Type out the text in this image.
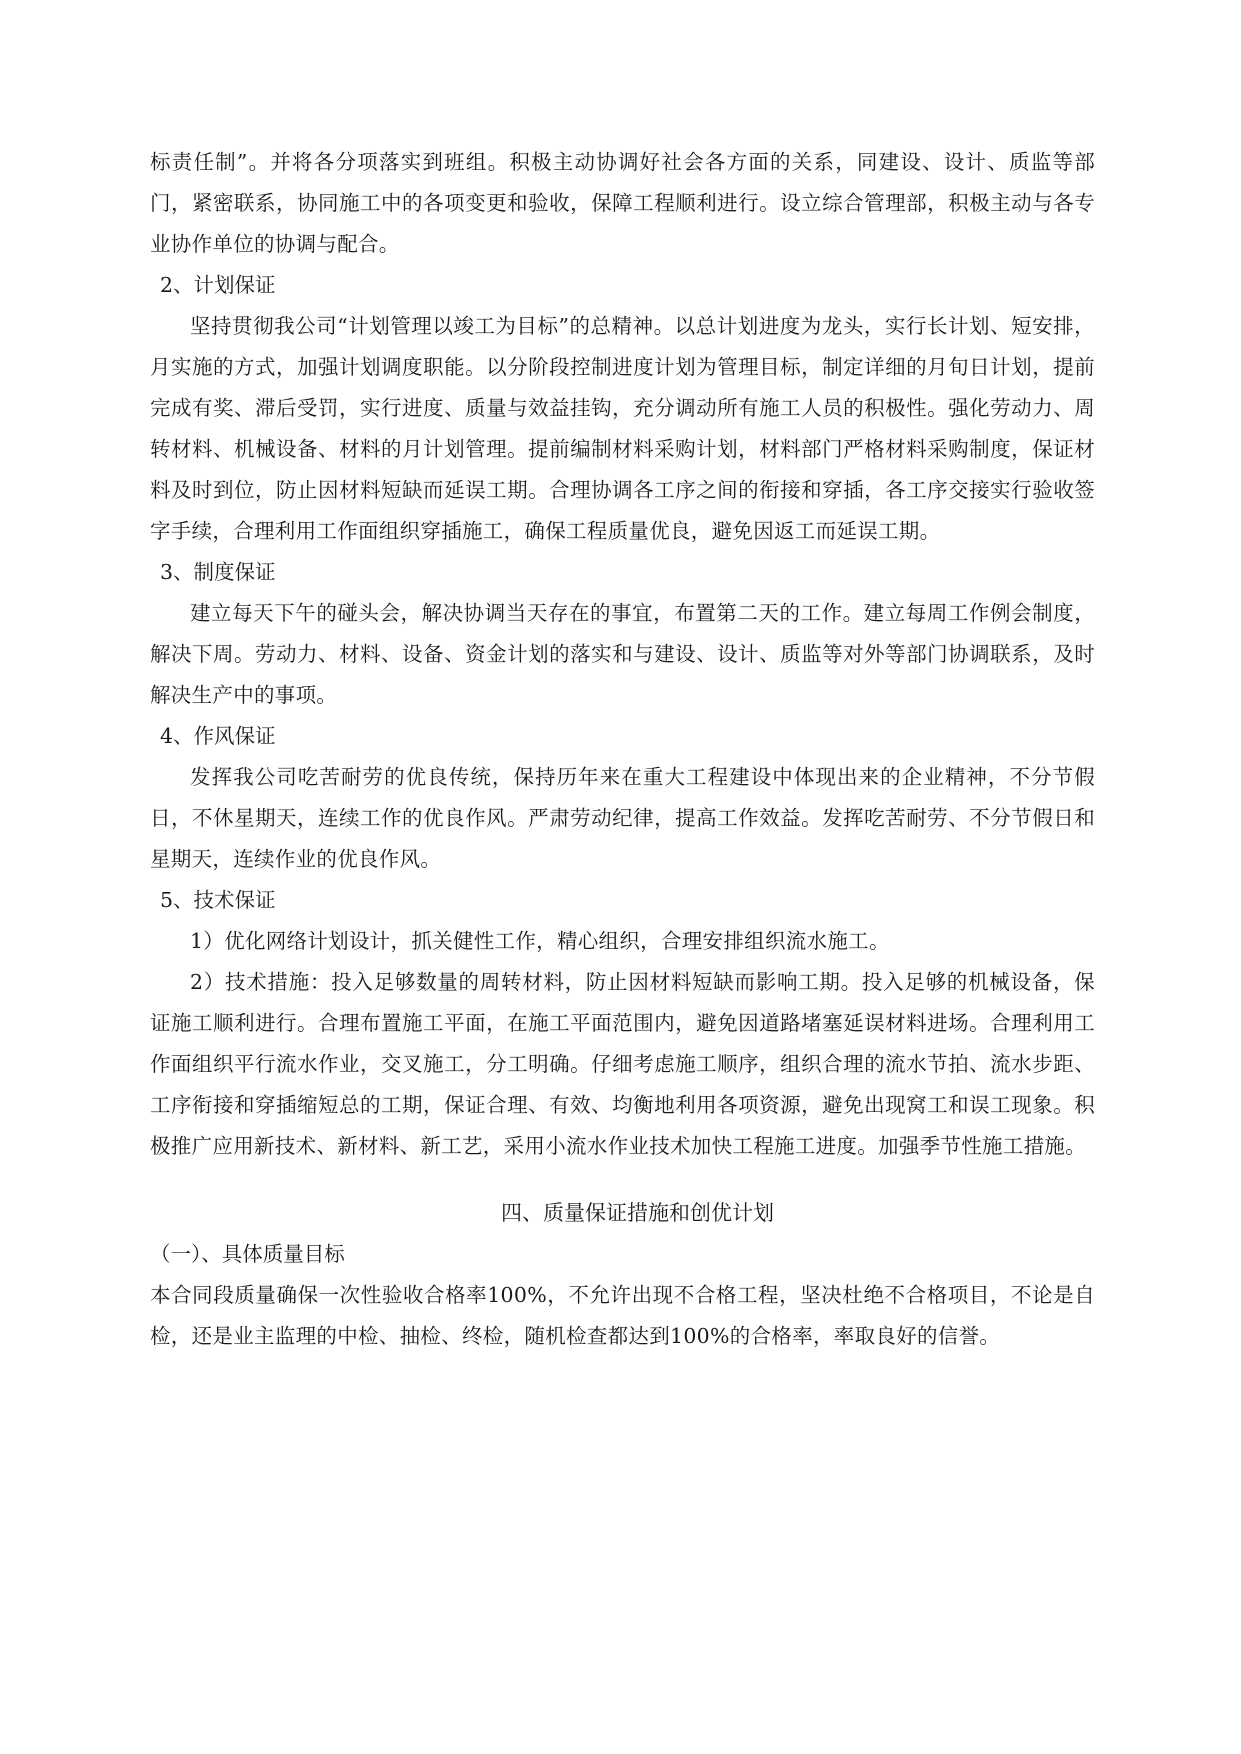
标责任制”。并将各分项落实到班组。积极主动协调好社会各方面的关系，同建设、设计、质监等部门，紧密联系，协同施工中的各项变更和验收，保障工程顺利进行。设立综合管理部，积极主动与各专业协作单位的协调与配合。

2、计划保证

坚持贯彻我公司“计划管理以竣工为目标”的总精神。以总计划进度为龙头，实行长计划、短安排，月实施的方式，加强计划调度职能。以分阶段控制进度计划为管理目标，制定详细的月旬日计划，提前完成有奖、滞后受罚，实行进度、质量与效益挂钩，充分调动所有施工人员的积极性。强化劳动力、周转材料、机械设备、材料的月计划管理。提前编制材料采购计划，材料部门严格材料采购制度，保证材料及时到位，防止因材料短缺而延误工期。合理协调各工序之间的衔接和穿插，各工序交接实行验收签字手续，合理利用工作面组织穿插施工，确保工程质量优良，避免因返工而延误工期。

3、制度保证

建立每天下午的碰头会，解决协调当天存在的事宜，布置第二天的工作。建立每周工作例会制度，解决下周。劳动力、材料、设备、资金计划的落实和与建设、设计、质监等对外等部门协调联系，及时解决生产中的事项。

4、作风保证

发挥我公司吃苦耐劳的优良传统，保持历年来在重大工程建设中体现出来的企业精神，不分节假日，不休星期天，连续工作的优良作风。严肃劳动纪律，提高工作效益。发挥吃苦耐劳、不分节假日和星期天，连续作业的优良作风。

5、技术保证

1）优化网络计划设计，抓关健性工作，精心组织，合理安排组织流水施工。

2）技术措施：投入足够数量的周转材料，防止因材料短缺而影响工期。投入足够的机械设备，保证施工顺利进行。合理布置施工平面，在施工平面范围内，避免因道路堵塞延误材料进场。合理利用工作面组织平行流水作业，交叉施工，分工明确。仔细考虑施工顺序，组织合理的流水节拍、流水步距、工序衔接和穿插缩短总的工期，保证合理、有效、均衡地利用各项资源，避免出现窝工和误工现象。积极推广应用新技术、新材料、新工艺，采用小流水作业技术加快工程施工进度。加强季节性施工措施。

四、质量保证措施和创优计划

（一）、具体质量目标

本合同段质量确保一次性验收合格率100%，不允许出现不合格工程，坚决杜绝不合格项目，不论是自检，还是业主监理的中检、抽检、终检，随机检查都达到100%的合格率，率取良好的信誉。
